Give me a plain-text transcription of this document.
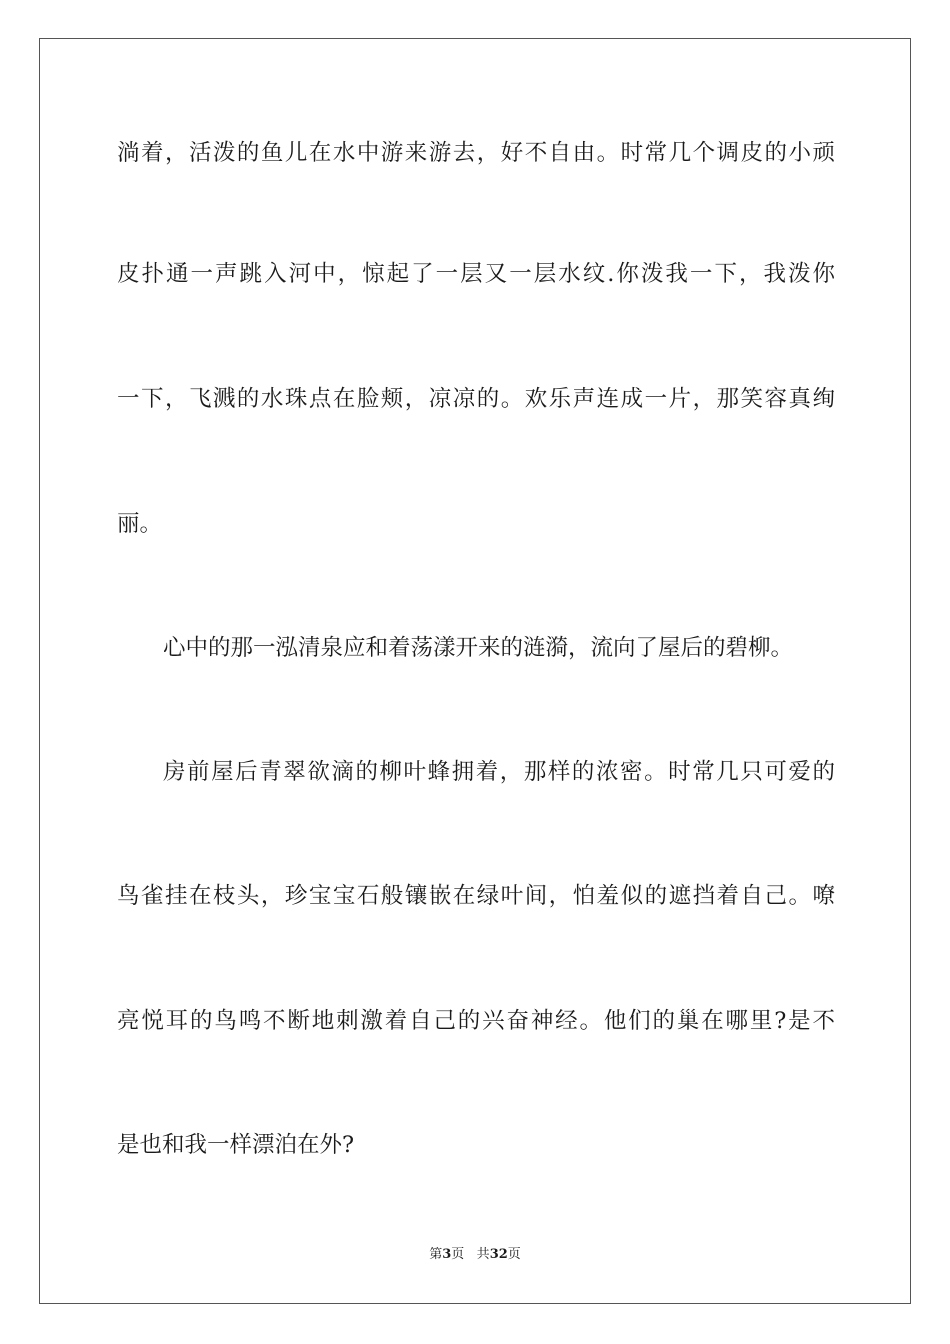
淌着，活泼的鱼儿在水中游来游去，好不自由。时常几个调皮的小顽
皮扑通一声跳入河中，惊起了一层又一层水纹.你泼我一下，我泼你
一下，飞溅的水珠点在脸颊，凉凉的。欢乐声连成一片，那笑容真绚
丽。
心中的那一泓清泉应和着荡漾开来的涟漪，流向了屋后的碧柳。
房前屋后青翠欲滴的柳叶蜂拥着，那样的浓密。时常几只可爱的
鸟雀挂在枝头，珍宝宝石般镶嵌在绿叶间，怕羞似的遮挡着自己。嘹
亮悦耳的鸟鸣不断地刺激着自己的兴奋神经。他们的巢在哪里?是不
是也和我一样漂泊在外?
第3页 共32页
